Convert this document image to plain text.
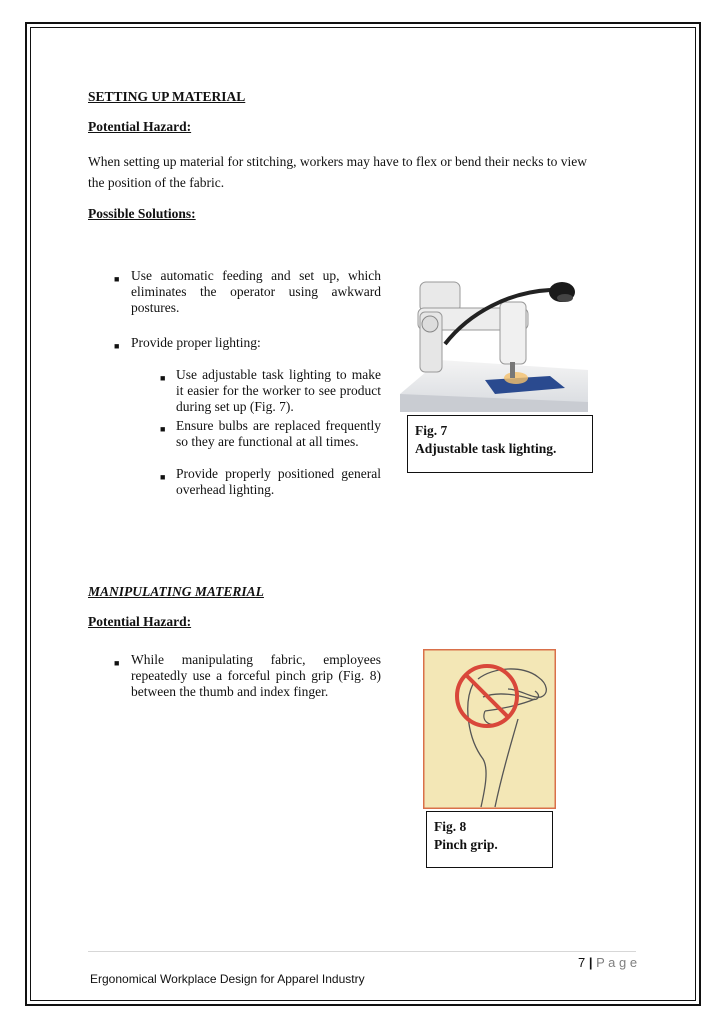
SETTING UP MATERIAL
Potential Hazard:
When setting up material for stitching, workers may have to flex or bend their necks to view
the position of the fabric.
Possible Solutions:
■ Use automatic feeding and set up, which eliminates the operator using awkward postures.
■ Provide proper lighting:
■ Use adjustable task lighting to make it easier for the worker to see product during set up (Fig. 7).
■ Ensure bulbs are replaced frequently so they are functional at all times.
■ Provide properly positioned general overhead lighting.
Fig. 7
Adjustable task lighting.
MANIPULATING MATERIAL
Potential Hazard:
■ While manipulating fabric, employees repeatedly use a forceful pinch grip (Fig. 8) between the thumb and index finger.
Fig. 8
Pinch grip.
7 | P a g e
Ergonomical Workplace Design for Apparel Industry
